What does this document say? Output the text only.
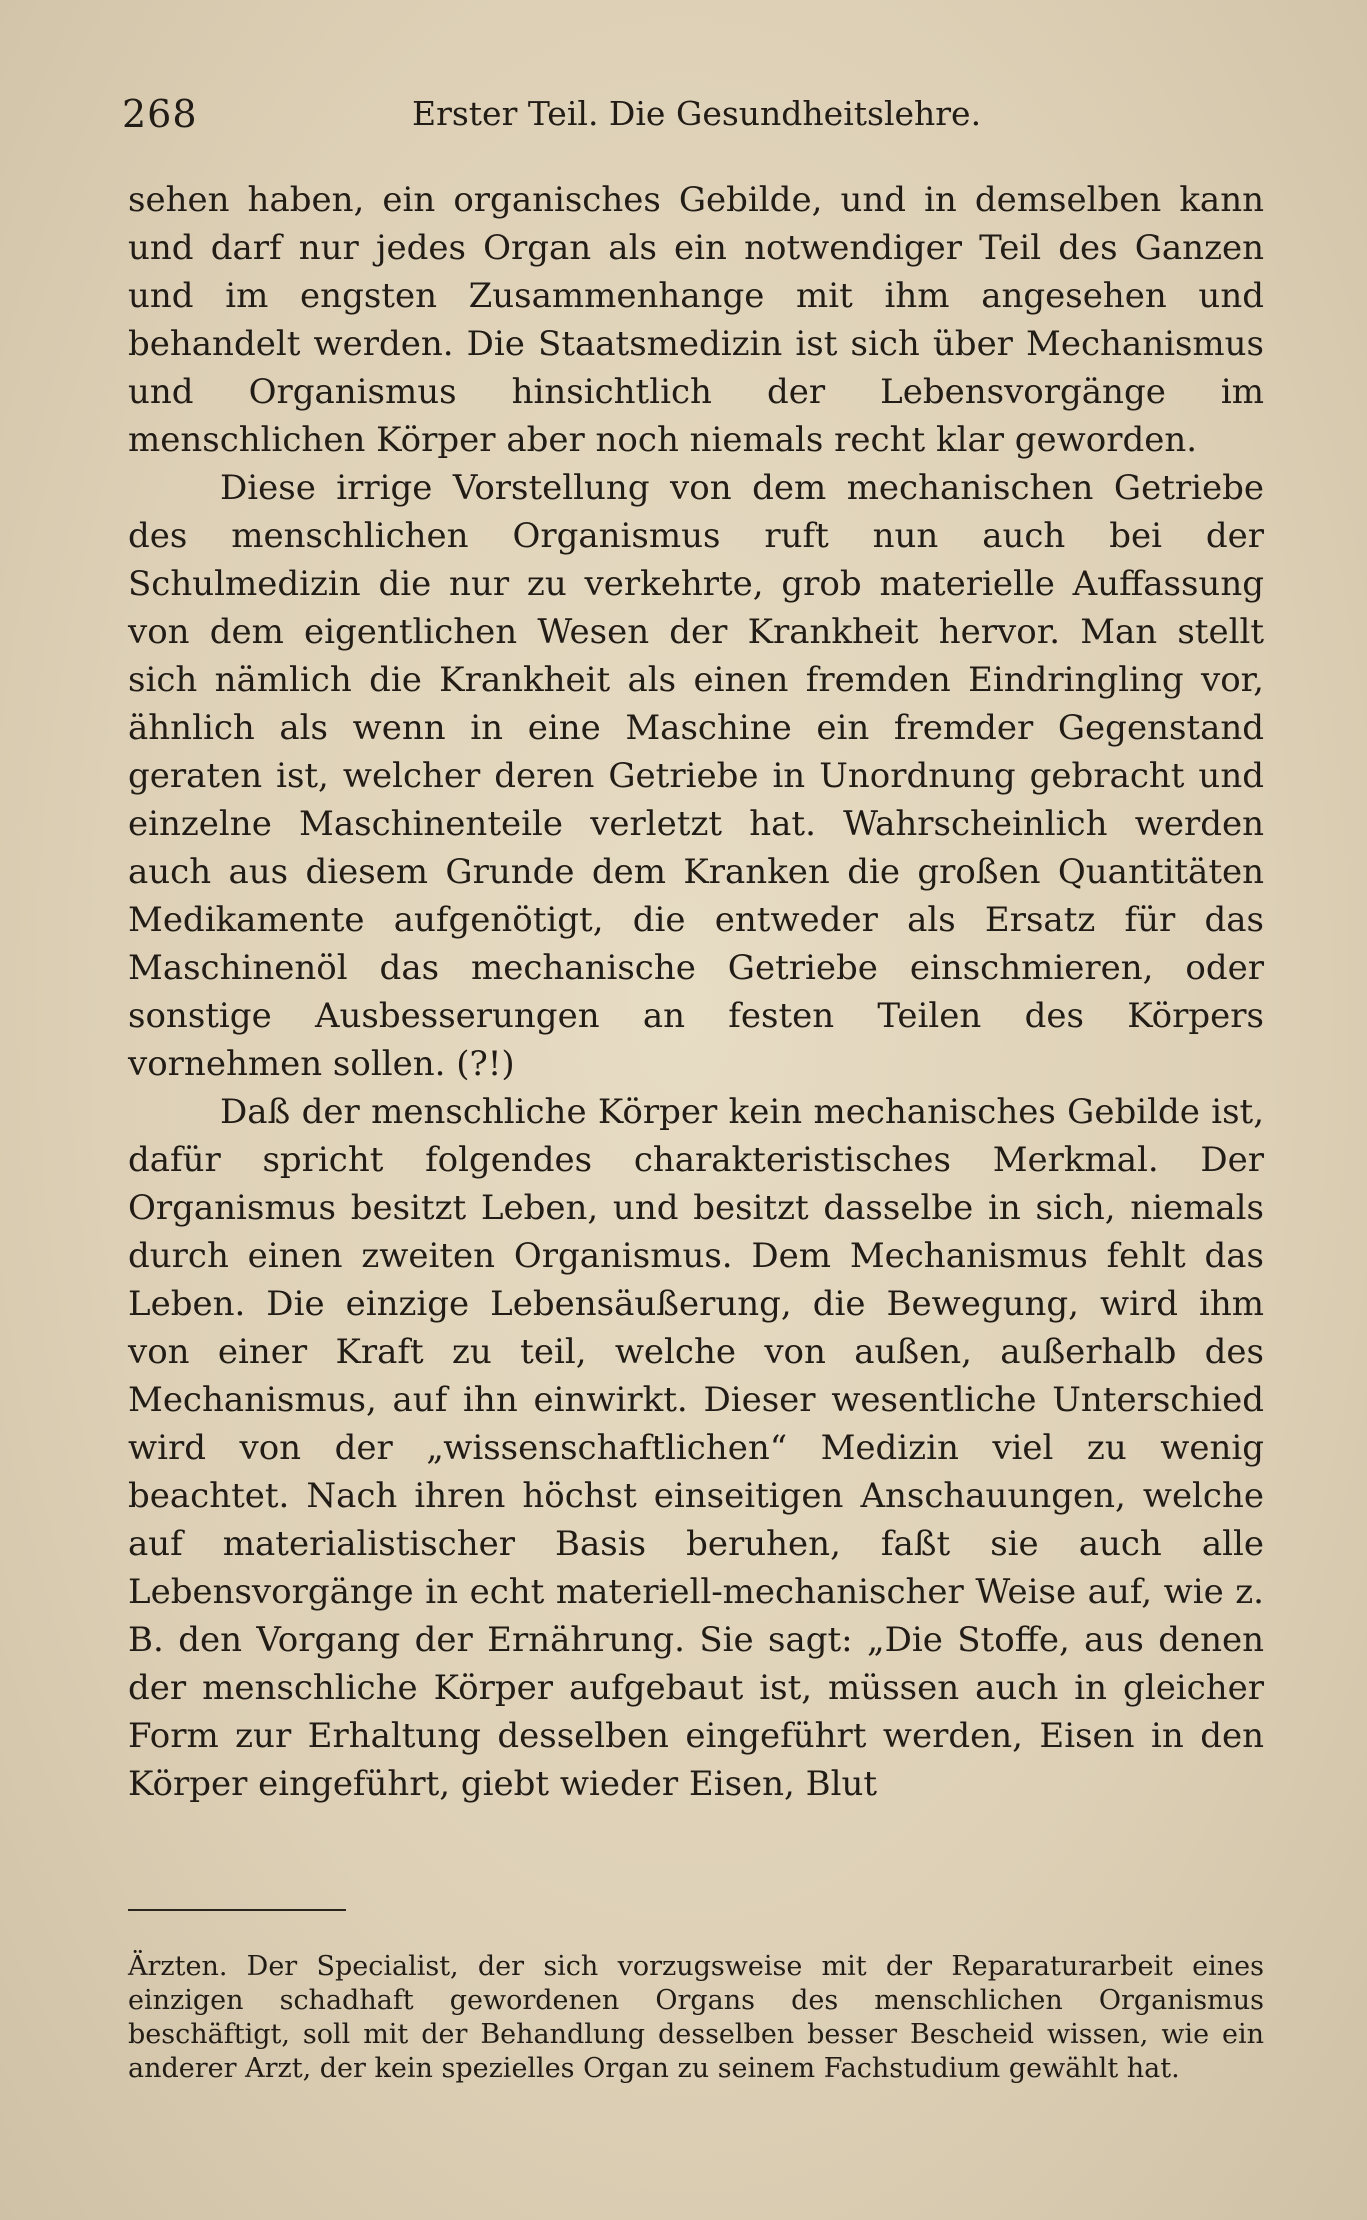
268	Erster Teil. Die Gesundheitslehre.

sehen haben, ein organisches Gebilde, und in demselben kann und darf nur jedes Organ als ein notwendiger Teil des Ganzen und im engsten Zusammenhange mit ihm angesehen und behandelt werden. Die Staatsmedizin ist sich über Mechanismus und Organismus hinsichtlich der Lebensvorgänge im menschlichen Körper aber noch niemals recht klar geworden.

Diese irrige Vorstellung von dem mechanischen Getriebe des menschlichen Organismus ruft nun auch bei der Schulmedizin die nur zu verkehrte, grob materielle Auffassung von dem eigentlichen Wesen der Krankheit hervor. Man stellt sich nämlich die Krankheit als einen fremden Eindringling vor, ähnlich als wenn in eine Maschine ein fremder Gegenstand geraten ist, welcher deren Getriebe in Unordnung gebracht und einzelne Maschinenteile verletzt hat. Wahrscheinlich werden auch aus diesem Grunde dem Kranken die großen Quantitäten Medikamente aufgenötigt, die entweder als Ersatz für das Maschinenöl das mechanische Getriebe einschmieren, oder sonstige Ausbesserungen an festen Teilen des Körpers vornehmen sollen. (?!)

Daß der menschliche Körper kein mechanisches Gebilde ist, dafür spricht folgendes charakteristisches Merkmal. Der Organismus besitzt Leben, und besitzt dasselbe in sich, niemals durch einen zweiten Organismus. Dem Mechanismus fehlt das Leben. Die einzige Lebensäußerung, die Bewegung, wird ihm von einer Kraft zu teil, welche von außen, außerhalb des Mechanismus, auf ihn einwirkt. Dieser wesentliche Unterschied wird von der „wissenschaftlichen“ Medizin viel zu wenig beachtet. Nach ihren höchst einseitigen Anschauungen, welche auf materialistischer Basis beruhen, faßt sie auch alle Lebensvorgänge in echt materiell-mechanischer Weise auf, wie z. B. den Vorgang der Ernährung. Sie sagt: „Die Stoffe, aus denen der menschliche Körper aufgebaut ist, müssen auch in gleicher Form zur Erhaltung desselben eingeführt werden, Eisen in den Körper eingeführt, giebt wieder Eisen, Blut

Ärzten. Der Specialist, der sich vorzugsweise mit der Reparaturarbeit eines einzigen schadhaft gewordenen Organs des menschlichen Organismus beschäftigt, soll mit der Behandlung desselben besser Bescheid wissen, wie ein anderer Arzt, der kein spezielles Organ zu seinem Fachstudium gewählt hat.
